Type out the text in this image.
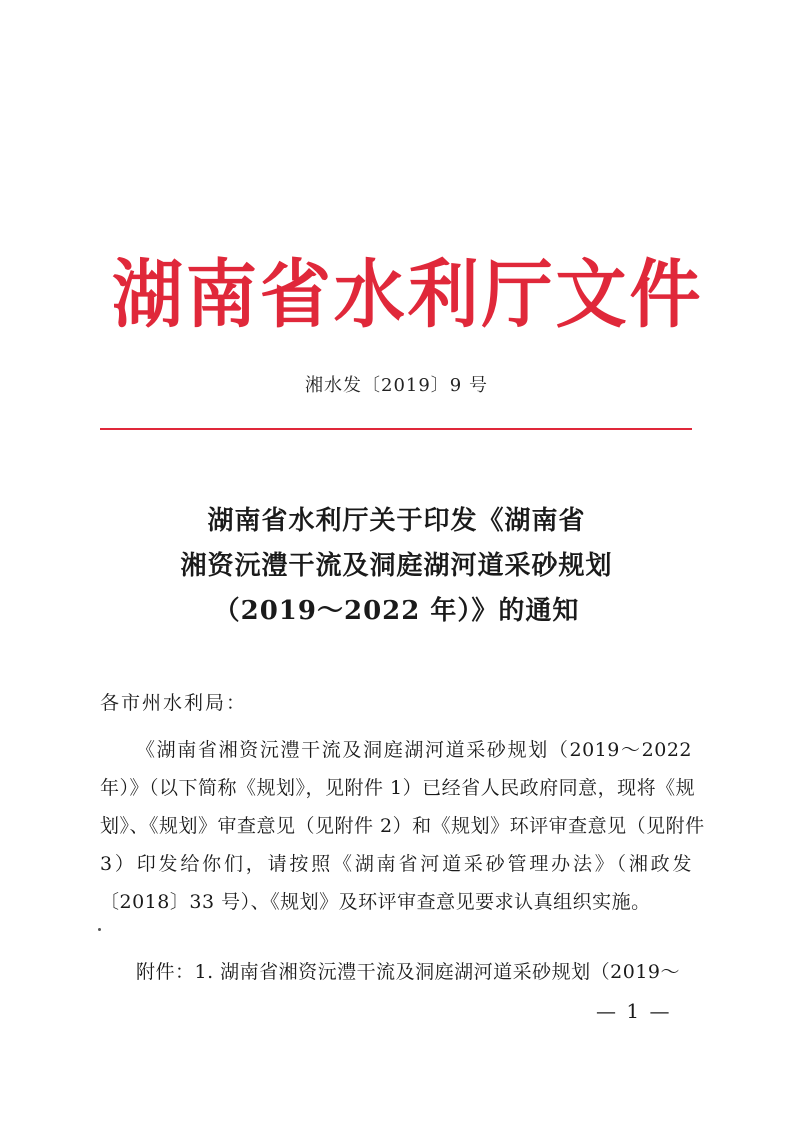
湖南省水利厅文件
湘水发〔2019〕9 号
湖南省水利厅关于印发《湖南省
湘资沅澧干流及洞庭湖河道采砂规划
（2019～2022 年）》的通知
各市州水利局：
《湖南省湘资沅澧干流及洞庭湖河道采砂规划（2019～2022
年）》（以下简称《规划》，见附件 1）已经省人民政府同意，现将《规
划》、《规划》审查意见（见附件 2）和《规划》环评审查意见（见附件
3）印发给你们，请按照《湖南省河道采砂管理办法》（湘政发
〔2018〕33 号）、《规划》及环评审查意见要求认真组织实施。
附件：1. 湖南省湘资沅澧干流及洞庭湖河道采砂规划（2019～
— 1 —
